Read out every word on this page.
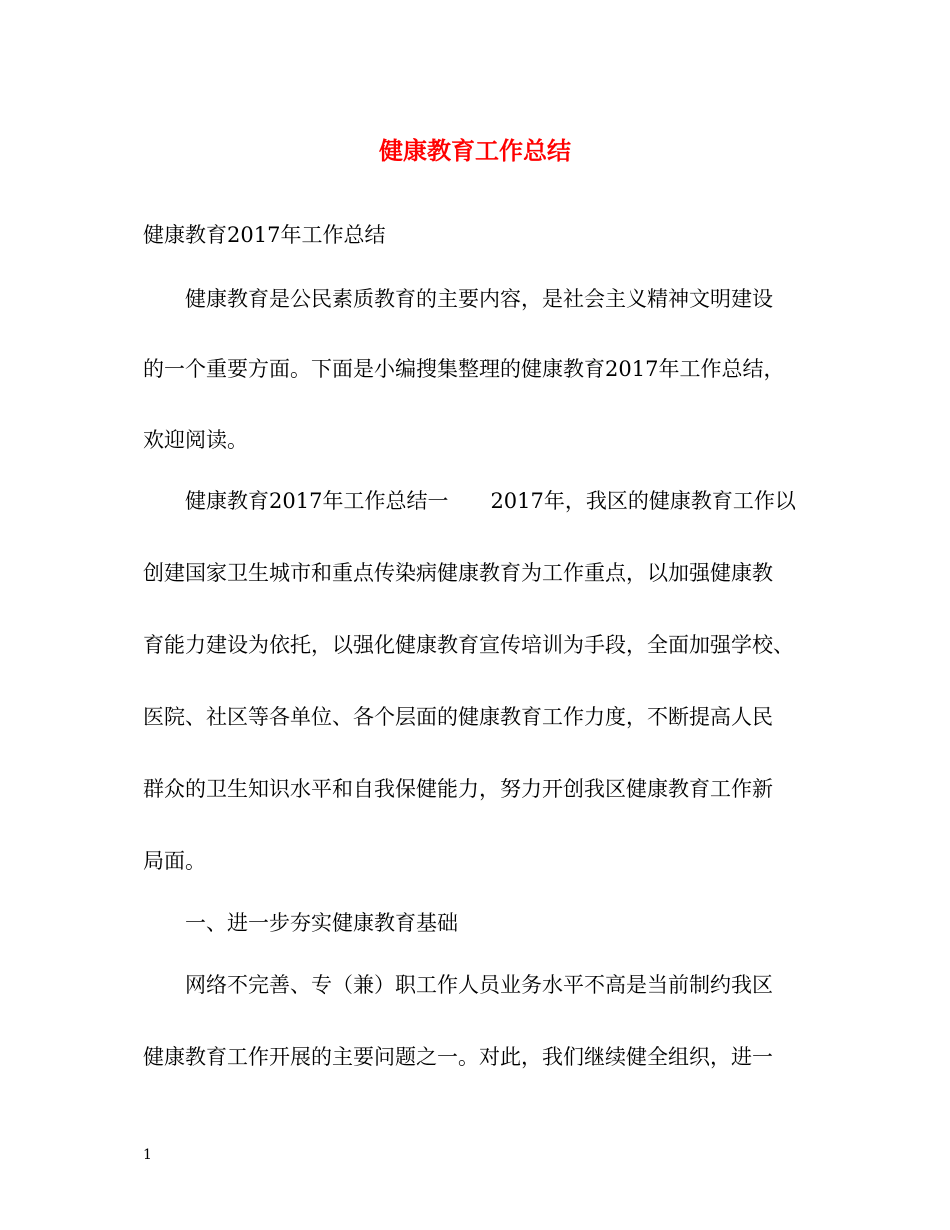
健康教育工作总结
健康教育2017年工作总结
　　健康教育是公民素质教育的主要内容，是社会主义精神文明建设
的一个重要方面。下面是小编搜集整理的健康教育2017年工作总结，
欢迎阅读。
　　健康教育2017年工作总结一　　2017年，我区的健康教育工作以
创建国家卫生城市和重点传染病健康教育为工作重点，以加强健康教
育能力建设为依托，以强化健康教育宣传培训为手段，全面加强学校、
医院、社区等各单位、各个层面的健康教育工作力度，不断提高人民
群众的卫生知识水平和自我保健能力，努力开创我区健康教育工作新
局面。
　　一、进一步夯实健康教育基础
　　网络不完善、专（兼）职工作人员业务水平不高是当前制约我区
健康教育工作开展的主要问题之一。对此，我们继续健全组织，进一
1
